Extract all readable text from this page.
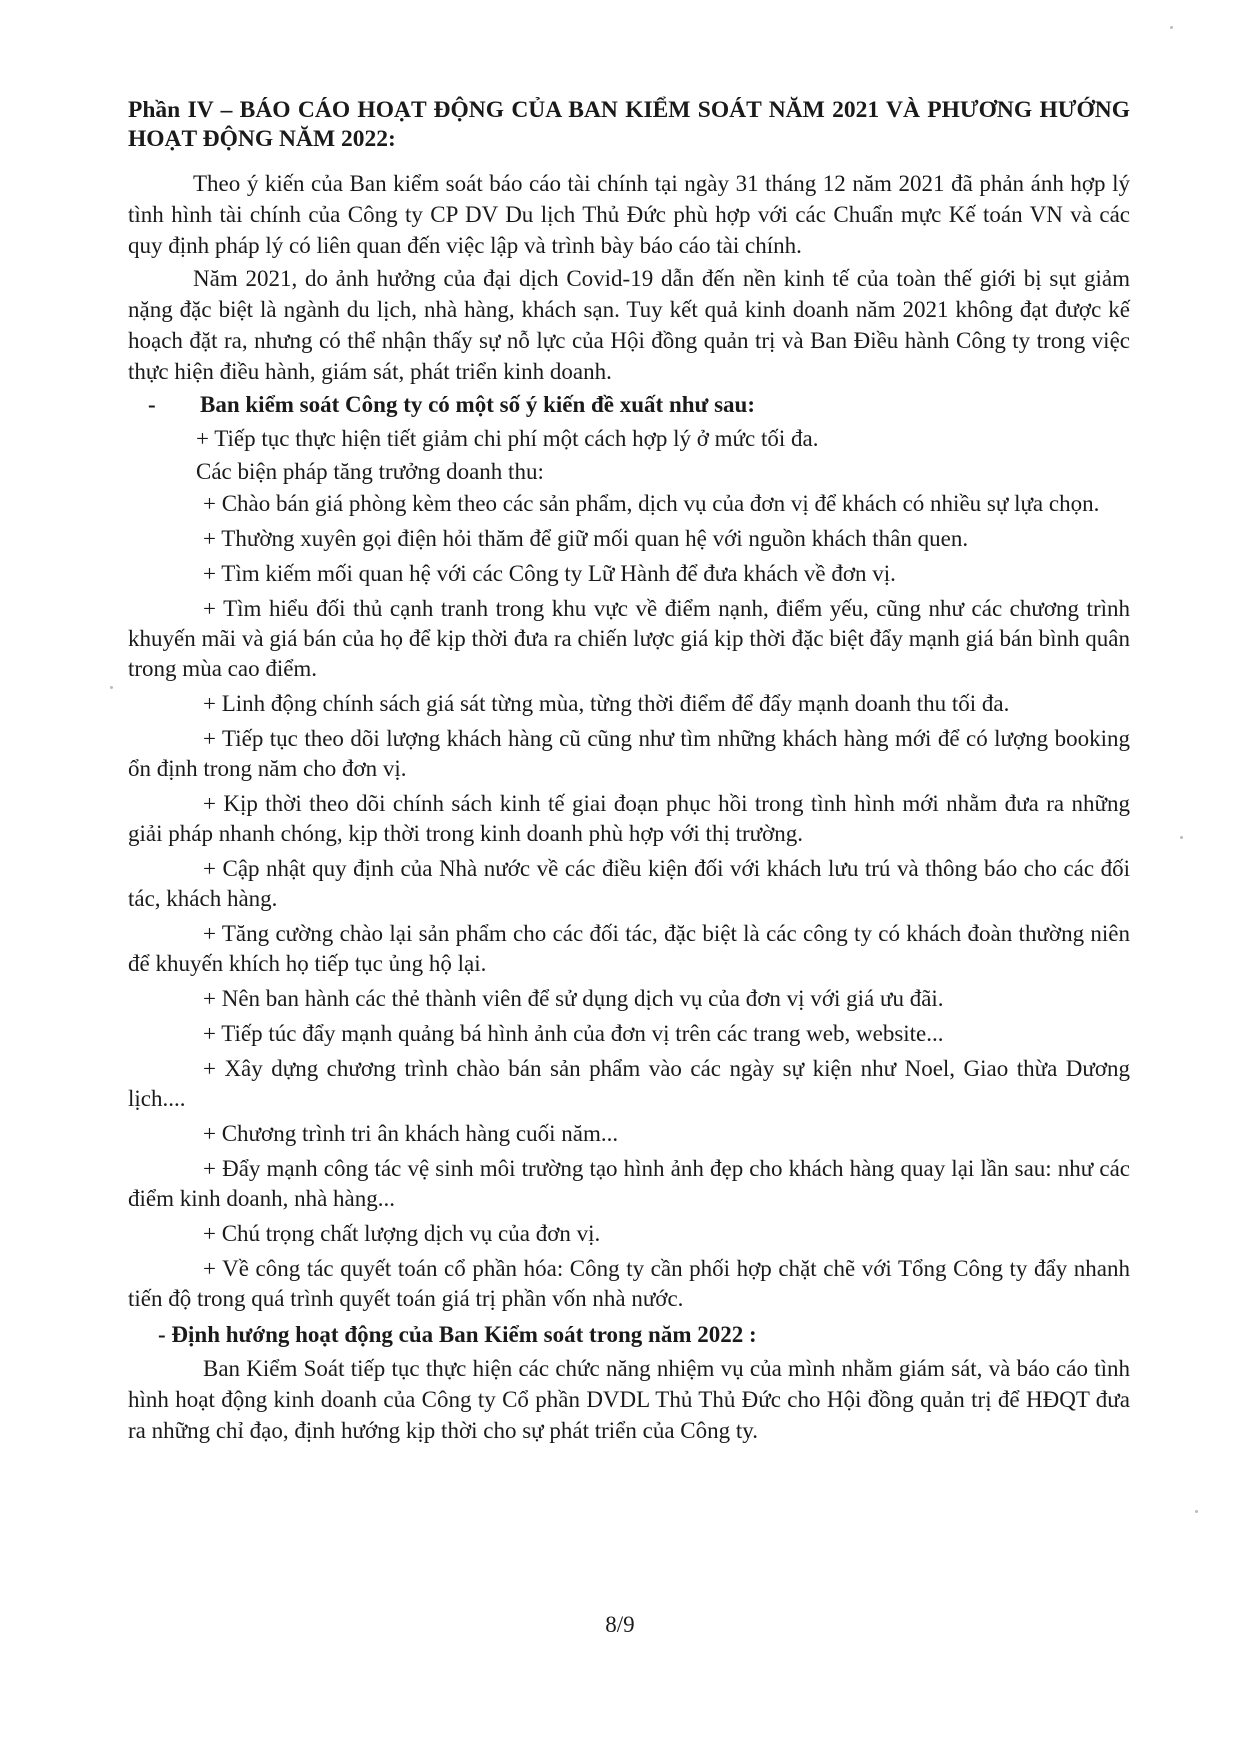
Phần IV – BÁO CÁO HOẠT ĐỘNG CỦA BAN KIỂM SOÁT NĂM 2021 VÀ PHƯƠNG HƯỚNG HOẠT ĐỘNG NĂM 2022:
Theo ý kiến của Ban kiểm soát báo cáo tài chính tại ngày 31 tháng 12 năm 2021 đã phản ánh hợp lý tình hình tài chính của Công ty CP DV Du lịch Thủ Đức phù hợp với các Chuẩn mực Kế toán VN và các quy định pháp lý có liên quan đến việc lập và trình bày báo cáo tài chính.
Năm 2021, do ảnh hưởng của đại dịch Covid-19 dẫn đến nền kinh tế của toàn thế giới bị sụt giảm nặng đặc biệt là ngành du lịch, nhà hàng, khách sạn. Tuy kết quả kinh doanh năm 2021 không đạt được kế hoạch đặt ra, nhưng có thể nhận thấy sự nỗ lực của Hội đồng quản trị và Ban Điều hành Công ty trong việc thực hiện điều hành, giám sát, phát triển kinh doanh.
- Ban kiểm soát Công ty có một số ý kiến đề xuất như sau:
+ Tiếp tục thực hiện tiết giảm chi phí một cách hợp lý ở mức tối đa.
Các biện pháp tăng trưởng doanh thu:
+ Chào bán giá phòng kèm theo các sản phẩm, dịch vụ của đơn vị để khách có nhiều sự lựa chọn.
+ Thường xuyên gọi điện hỏi thăm để giữ mối quan hệ với nguồn khách thân quen.
+ Tìm kiếm mối quan hệ với các Công ty Lữ Hành để đưa khách về đơn vị.
+ Tìm hiểu đối thủ cạnh tranh trong khu vực về điểm nạnh, điểm yếu, cũng như các chương trình khuyến mãi và giá bán của họ để kịp thời đưa ra chiến lược giá kịp thời đặc biệt đẩy mạnh giá bán bình quân trong mùa cao điểm.
+ Linh động chính sách giá sát từng mùa, từng thời điểm để đẩy mạnh doanh thu tối đa.
+ Tiếp tục theo dõi lượng khách hàng cũ cũng như tìm những khách hàng mới để có lượng booking ổn định trong năm cho đơn vị.
+ Kịp thời theo dõi chính sách kinh tế giai đoạn phục hồi trong tình hình mới nhằm đưa ra những giải pháp nhanh chóng, kịp thời trong kinh doanh phù hợp với thị trường.
+ Cập nhật quy định của Nhà nước về các điều kiện đối với khách lưu trú và thông báo cho các đối tác, khách hàng.
+ Tăng cường chào lại sản phẩm cho các đối tác, đặc biệt là các công ty có khách đoàn thường niên để khuyến khích họ tiếp tục ủng hộ lại.
+ Nên ban hành các thẻ thành viên để sử dụng dịch vụ của đơn vị với giá ưu đãi.
+ Tiếp túc đẩy mạnh quảng bá hình ảnh của đơn vị trên các trang web, website...
+ Xây dựng chương trình chào bán sản phẩm vào các ngày sự kiện như Noel, Giao thừa Dương lịch....
+ Chương trình tri ân khách hàng cuối năm...
+ Đẩy mạnh công tác vệ sinh môi trường tạo hình ảnh đẹp cho khách hàng quay lại lần sau: như các điểm kinh doanh, nhà hàng...
+ Chú trọng chất lượng dịch vụ của đơn vị.
+ Về công tác quyết toán cổ phần hóa: Công ty cần phối hợp chặt chẽ với Tổng Công ty đẩy nhanh tiến độ trong quá trình quyết toán giá trị phần vốn nhà nước.
- Định hướng hoạt động của Ban Kiểm soát trong năm 2022 :
Ban Kiểm Soát tiếp tục thực hiện các chức năng nhiệm vụ của mình nhằm giám sát, và báo cáo tình hình hoạt động kinh doanh của Công ty Cổ phần DVDL Thủ Thủ Đức cho Hội đồng quản trị để HĐQT đưa ra những chỉ đạo, định hướng kịp thời cho sự phát triển của Công ty.
8/9
